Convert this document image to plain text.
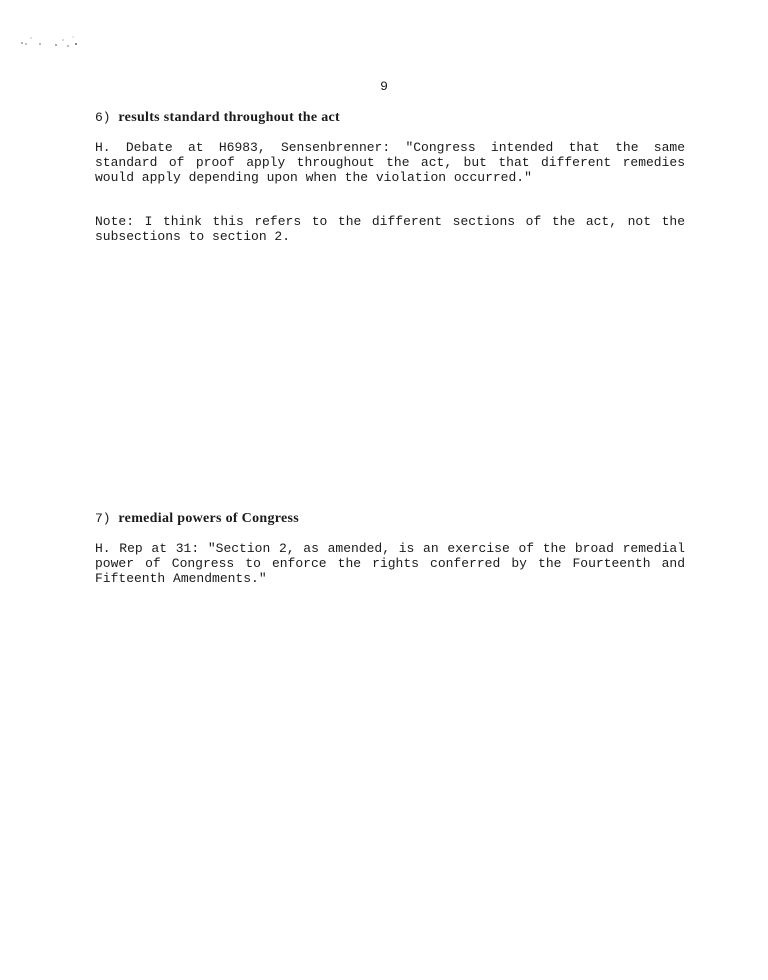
9
6) results standard throughout the act
H. Debate at H6983, Sensenbrenner: "Congress intended that the same standard of proof apply throughout the act, but that different remedies would apply depending upon when the violation occurred."
Note: I think this refers to the different sections of the act, not the subsections to section 2.
7) remedial powers of Congress
H. Rep at 31: "Section 2, as amended, is an exercise of the broad remedial power of Congress to enforce the rights conferred by the Fourteenth and Fifteenth Amendments."
